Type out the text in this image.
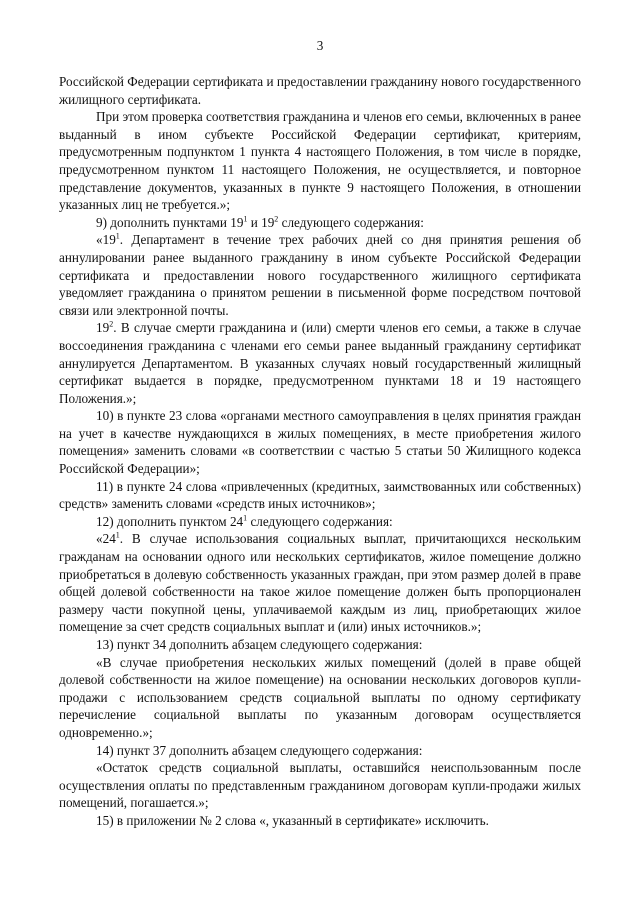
3

Российской Федерации сертификата и предоставлении гражданину нового государственного жилищного сертификата.

При этом проверка соответствия гражданина и членов его семьи, включенных в ранее выданный в ином субъекте Российской Федерации сертификат, критериям, предусмотренным подпунктом 1 пункта 4 настоящего Положения, в том числе в порядке, предусмотренном пунктом 11 настоящего Положения, не осуществляется, и повторное представление документов, указанных в пункте 9 настоящего Положения, в отношении указанных лиц не требуется.»;

9) дополнить пунктами $19^1$ и $19^2$ следующего содержания:

«$19^1$. Департамент в течение трех рабочих дней со дня принятия решения об аннулировании ранее выданного гражданину в ином субъекте Российской Федерации сертификата и предоставлении нового государственного жилищного сертификата уведомляет гражданина о принятом решении в письменной форме посредством почтовой связи или электронной почты.

$19^2$. В случае смерти гражданина и (или) смерти членов его семьи, а также в случае воссоединения гражданина с членами его семьи ранее выданный гражданину сертификат аннулируется Департаментом. В указанных случаях новый государственный жилищный сертификат выдается в порядке, предусмотренном пунктами 18 и 19 настоящего Положения.»;

10) в пункте 23 слова «органами местного самоуправления в целях принятия граждан на учет в качестве нуждающихся в жилых помещениях, в месте приобретения жилого помещения» заменить словами «в соответствии с частью 5 статьи 50 Жилищного кодекса Российской Федерации»;

11) в пункте 24 слова «привлеченных (кредитных, заимствованных или собственных) средств» заменить словами «средств иных источников»;

12) дополнить пунктом $24^1$ следующего содержания:

«$24^1$. В случае использования социальных выплат, причитающихся нескольким гражданам на основании одного или нескольких сертификатов, жилое помещение должно приобретаться в долевую собственность указанных граждан, при этом размер долей в праве общей долевой собственности на такое жилое помещение должен быть пропорционален размеру части покупной цены, уплачиваемой каждым из лиц, приобретающих жилое помещение за счет средств социальных выплат и (или) иных источников.»;

13) пункт 34 дополнить абзацем следующего содержания:

«В случае приобретения нескольких жилых помещений (долей в праве общей долевой собственности на жилое помещение) на основании нескольких договоров купли-продажи с использованием средств социальной выплаты по одному сертификату перечисление социальной выплаты по указанным договорам осуществляется одновременно.»;

14) пункт 37 дополнить абзацем следующего содержания:

«Остаток средств социальной выплаты, оставшийся неиспользованным после осуществления оплаты по представленным гражданином договорам купли-продажи жилых помещений, погашается.»;

15) в приложении № 2 слова «, указанный в сертификате» исключить.
